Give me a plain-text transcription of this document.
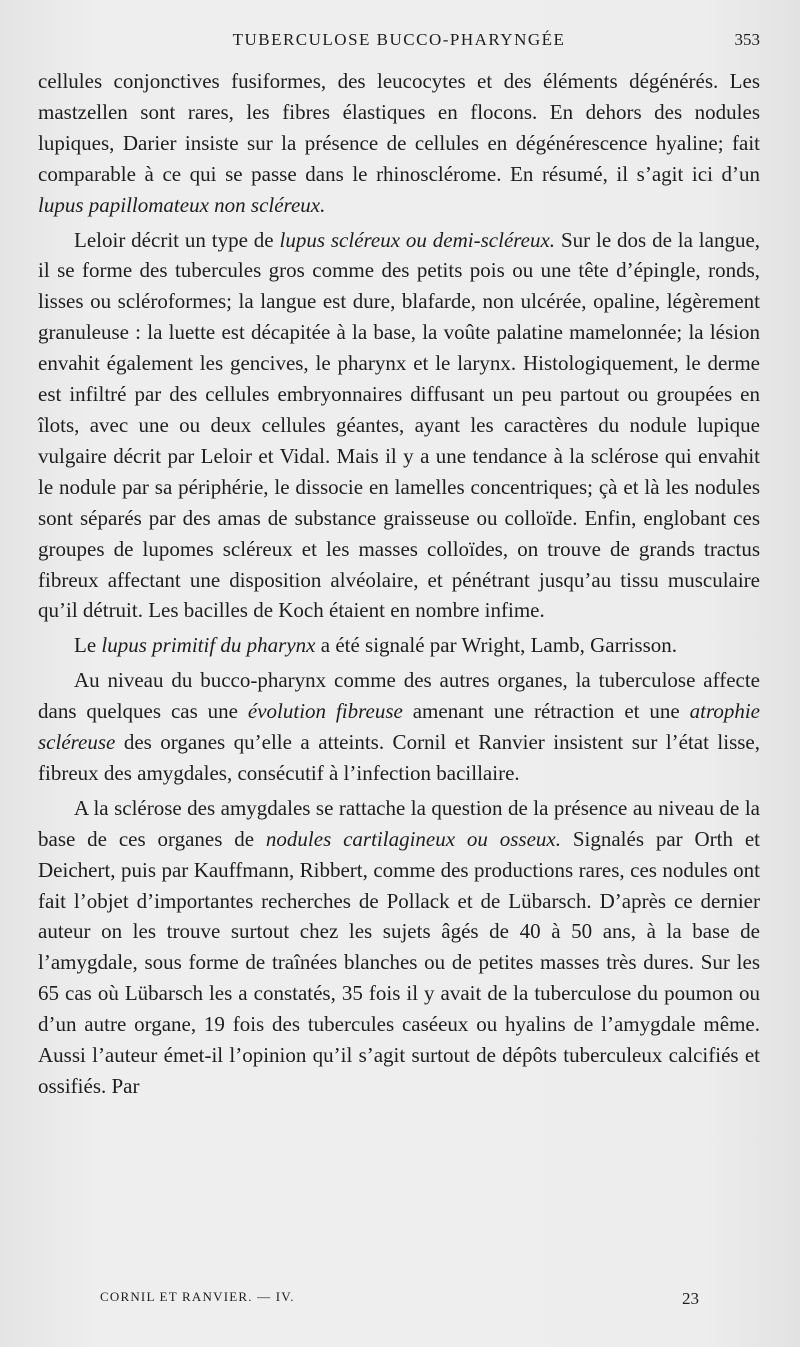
TUBERCULOSE BUCCO-PHARYNGÉE	353

cellules conjonctives fusiformes, des leucocytes et des éléments dégénérés. Les mastzellen sont rares, les fibres élastiques en flocons. En dehors des nodules lupiques, Darier insiste sur la présence de cellules en dégénérescence hyaline; fait comparable à ce qui se passe dans le rhinosclérome. En résumé, il s’agit ici d’un lupus papillomateux non scléreux.

Leloir décrit un type de lupus scléreux ou demi-scléreux. Sur le dos de la langue, il se forme des tubercules gros comme des petits pois ou une tête d’épingle, ronds, lisses ou scléroformes; la langue est dure, blafarde, non ulcérée, opaline, légèrement granuleuse : la luette est décapitée à la base, la voûte palatine mamelonnée; la lésion envahit également les gencives, le pharynx et le larynx. Histologiquement, le derme est infiltré par des cellules embryonnaires diffusant un peu partout ou groupées en îlots, avec une ou deux cellules géantes, ayant les caractères du nodule lupique vulgaire décrit par Leloir et Vidal. Mais il y a une tendance à la sclérose qui envahit le nodule par sa périphérie, le dissocie en lamelles concentriques; çà et là les nodules sont séparés par des amas de substance graisseuse ou colloïde. Enfin, englobant ces groupes de lupomes scléreux et les masses colloïdes, on trouve de grands tractus fibreux affectant une disposition alvéolaire, et pénétrant jusqu’au tissu musculaire qu’il détruit. Les bacilles de Koch étaient en nombre infime.

Le lupus primitif du pharynx a été signalé par Wright, Lamb, Garrisson.

Au niveau du bucco-pharynx comme des autres organes, la tuberculose affecte dans quelques cas une évolution fibreuse amenant une rétraction et une atrophie scléreuse des organes qu’elle a atteints. Cornil et Ranvier insistent sur l’état lisse, fibreux des amygdales, consécutif à l’infection bacillaire.

A la sclérose des amygdales se rattache la question de la présence au niveau de la base de ces organes de nodules cartilagineux ou osseux. Signalés par Orth et Deichert, puis par Kauffmann, Ribbert, comme des productions rares, ces nodules ont fait l’objet d’importantes recherches de Pollack et de Lübarsch. D’après ce dernier auteur on les trouve surtout chez les sujets âgés de 40 à 50 ans, à la base de l’amygdale, sous forme de traînées blanches ou de petites masses très dures. Sur les 65 cas où Lübarsch les a constatés, 35 fois il y avait de la tuberculose du poumon ou d’un autre organe, 19 fois des tubercules caséeux ou hyalins de l’amygdale même. Aussi l’auteur émet-il l’opinion qu’il s’agit surtout de dépôts tuberculeux calcifiés et ossifiés. Par

CORNIL ET RANVIER. — IV.	23
